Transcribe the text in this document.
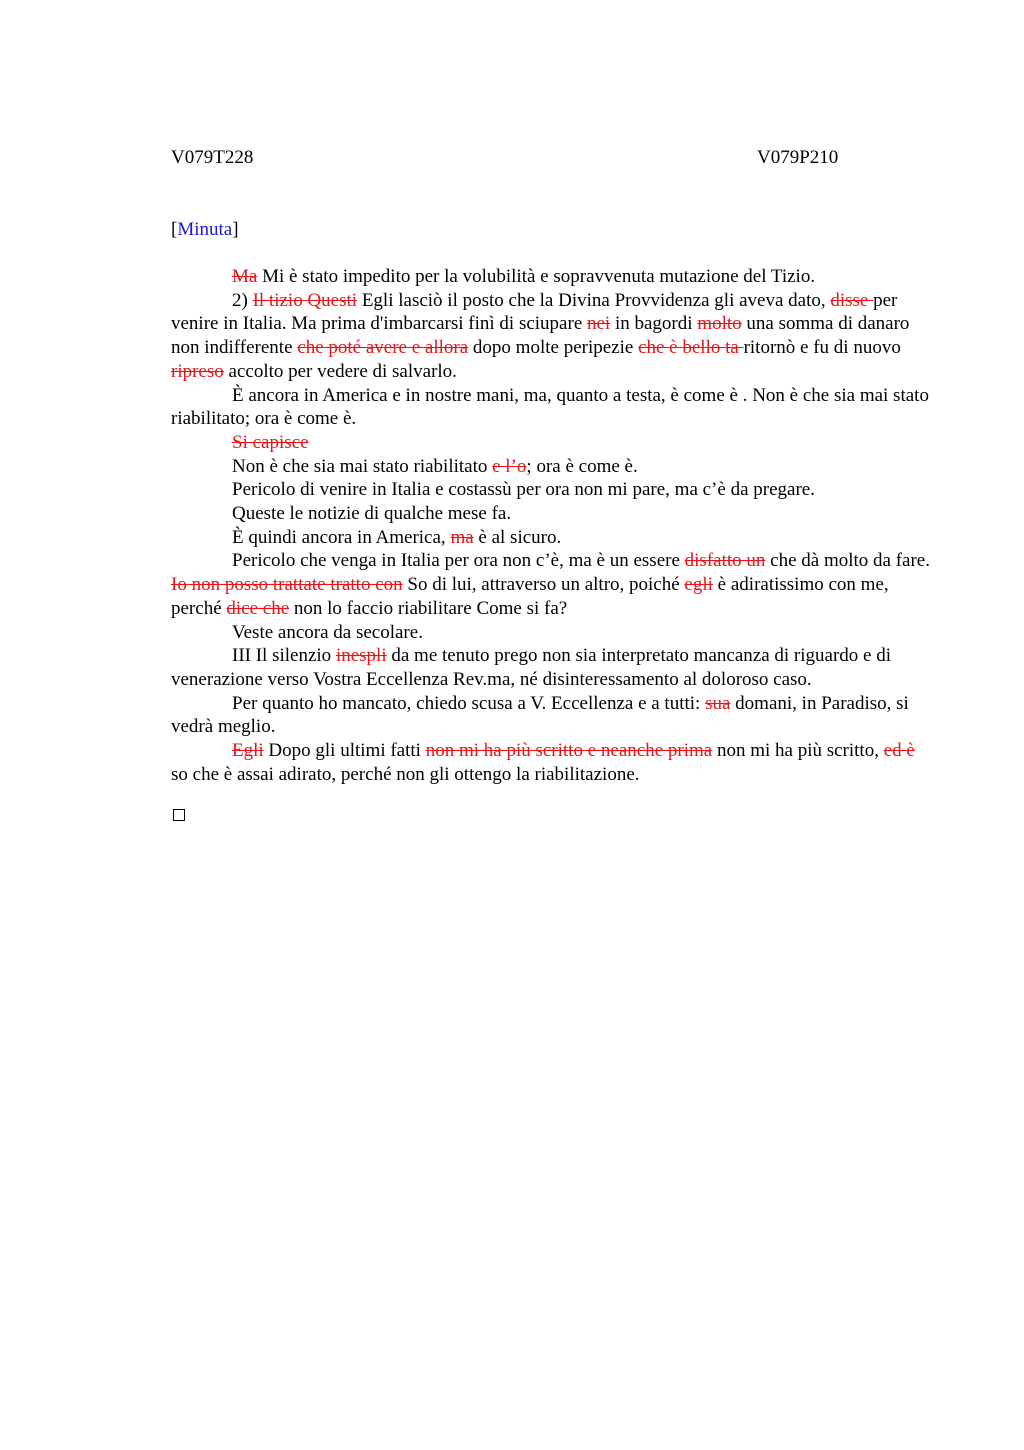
V079T228	V079P210
[Minuta]

Ma Mi è stato impedito per la volubilità e sopravvenuta mutazione del Tizio.

2) Il tizio Questi Egli lasciò il posto che la Divina Provvidenza gli aveva dato, disse per venire in Italia. Ma prima d'imbarcarsi finì di sciupare nei in bagordi molto una somma di danaro non indifferente che poté avere e allora dopo molte peripezie che è bello ta ritornò e fu di nuovo ripreso accolto per vedere di salvarlo.

È ancora in America e in nostre mani, ma, quanto a testa, è come è . Non è che sia mai stato riabilitato; ora è come è.

Si capisce

Non è che sia mai stato riabilitato e l’o; ora è come è.

Pericolo di venire in Italia e costassù per ora non mi pare, ma c’è da pregare.

Queste le notizie di qualche mese fa.

È quindi ancora in America, ma è al sicuro.

Pericolo che venga in Italia per ora non c’è, ma è un essere disfatto un che dà molto da fare. Io non posso trattate tratto con So di lui, attraverso un altro, poiché egli è adiratissimo con me, perché dice che non lo faccio riabilitare Come si fa?

Veste ancora da secolare.

III Il silenzio inespli da me tenuto prego non sia interpretato mancanza di riguardo e di venerazione verso Vostra Eccellenza Rev.ma, né disinteressamento al doloroso caso.

Per quanto ho mancato, chiedo scusa a V. Eccellenza e a tutti: sua domani, in Paradiso, si vedrà meglio.

Egli Dopo gli ultimi fatti non mi ha più scritto e neanche prima non mi ha più scritto, ed è so che è assai adirato, perché non gli ottengo la riabilitazione.
